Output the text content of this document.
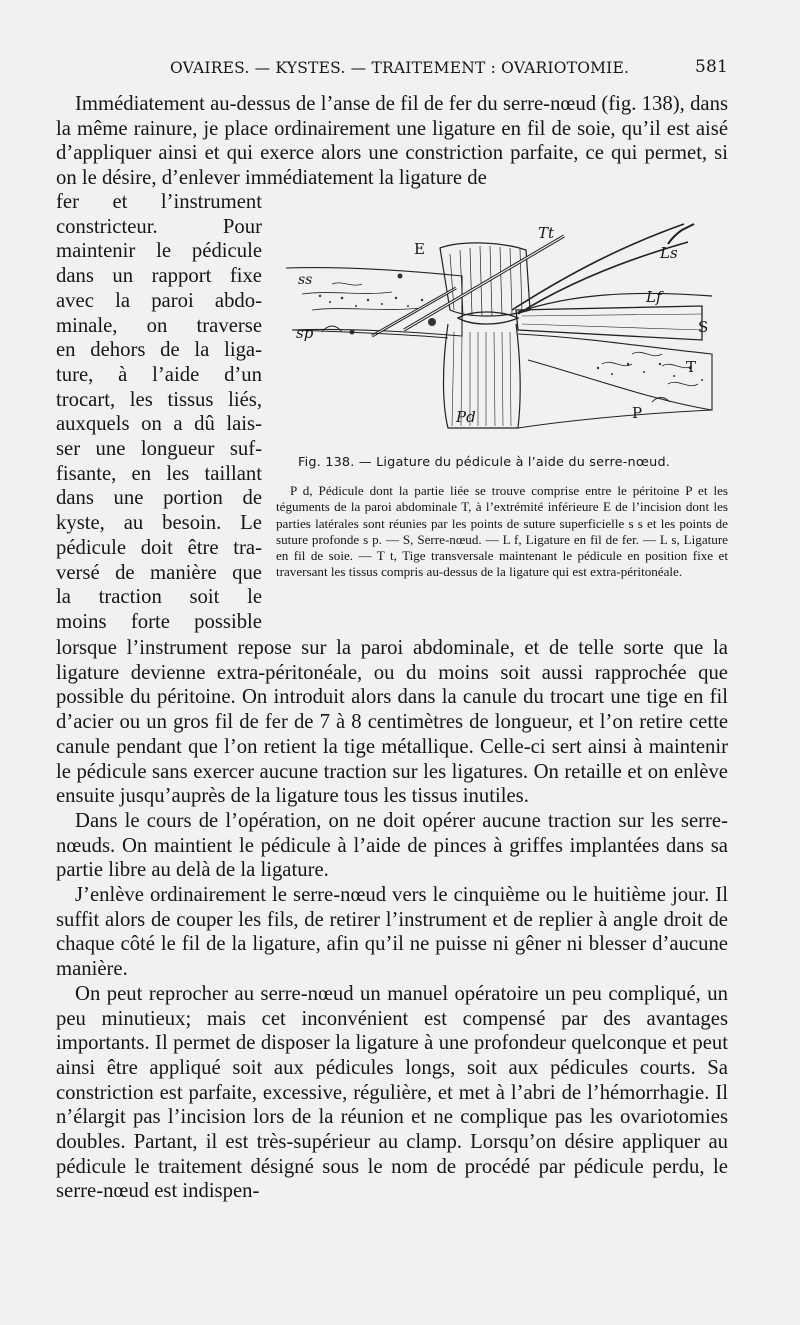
OVAIRES. — KYSTES. — TRAITEMENT : OVARIOTOMIE.	581
Immédiatement au-dessus de l’anse de fil de fer du serre-nœud (fig. 138), dans la même rainure, je place ordinairement une ligature en fil de soie, qu’il est aisé d’appliquer ainsi et qui exerce alors une constriction parfaite, ce qui permet, si on le désire, d’enlever immédiatement la ligature de
fer et l’instrument
constricteur. Pour
maintenir le pédicule
dans un rapport fixe
avec la paroi abdo-
minale, on traverse
en dehors de la liga-
ture, à l’aide d’un
trocart, les tissus liés,
auxquels on a dû lais-
ser une longueur suf-
fisante, en les taillant
dans une portion de
kyste, au besoin. Le
pédicule doit être tra-
versé de manière que
la traction soit le
moins forte possible
Tt
E	Ls
ss
Lf
sp	S
T
Pd	P
Fig. 138. — Ligature du pédicule à l’aide du serre-nœud.
P d, Pédicule dont la partie liée se trouve comprise entre le péritoine P et les téguments de la paroi abdominale T, à l’extrémité inférieure E de l’incision dont les parties latérales sont réunies par les points de suture superficielle s s et les points de suture profonde s p. — S, Serre-nœud. — L f, Ligature en fil de fer. — L s, Ligature en fil de soie. — T t, Tige transversale maintenant le pédicule en position fixe et traversant les tissus compris au-dessus de la ligature qui est extra-péritonéale.
lorsque l’instrument repose sur la paroi abdominale, et de telle sorte que la ligature devienne extra-péritonéale, ou du moins soit aussi rapprochée que possible du péritoine. On introduit alors dans la canule du trocart une tige en fil d’acier ou un gros fil de fer de 7 à 8 centimètres de longueur, et l’on retire cette canule pendant que l’on retient la tige métallique. Celle-ci sert ainsi à maintenir le pédicule sans exercer aucune traction sur les ligatures. On retaille et on enlève ensuite jusqu’auprès de la ligature tous les tissus inutiles.
Dans le cours de l’opération, on ne doit opérer aucune traction sur les serre-nœuds. On maintient le pédicule à l’aide de pinces à griffes implantées dans sa partie libre au delà de la ligature.
J’enlève ordinairement le serre-nœud vers le cinquième ou le huitième jour. Il suffit alors de couper les fils, de retirer l’instrument et de replier à angle droit de chaque côté le fil de la ligature, afin qu’il ne puisse ni gêner ni blesser d’aucune manière.
On peut reprocher au serre-nœud un manuel opératoire un peu compliqué, un peu minutieux; mais cet inconvénient est compensé par des avantages importants. Il permet de disposer la ligature à une profondeur quelconque et peut ainsi être appliqué soit aux pédicules longs, soit aux pédicules courts. Sa constriction est parfaite, excessive, régulière, et met à l’abri de l’hémorrhagie. Il n’élargit pas l’incision lors de la réunion et ne complique pas les ovariotomies doubles. Partant, il est très-supérieur au clamp. Lorsqu’on désire appliquer au pédicule le traitement désigné sous le nom de procédé par pédicule perdu, le serre-nœud est indispen-
